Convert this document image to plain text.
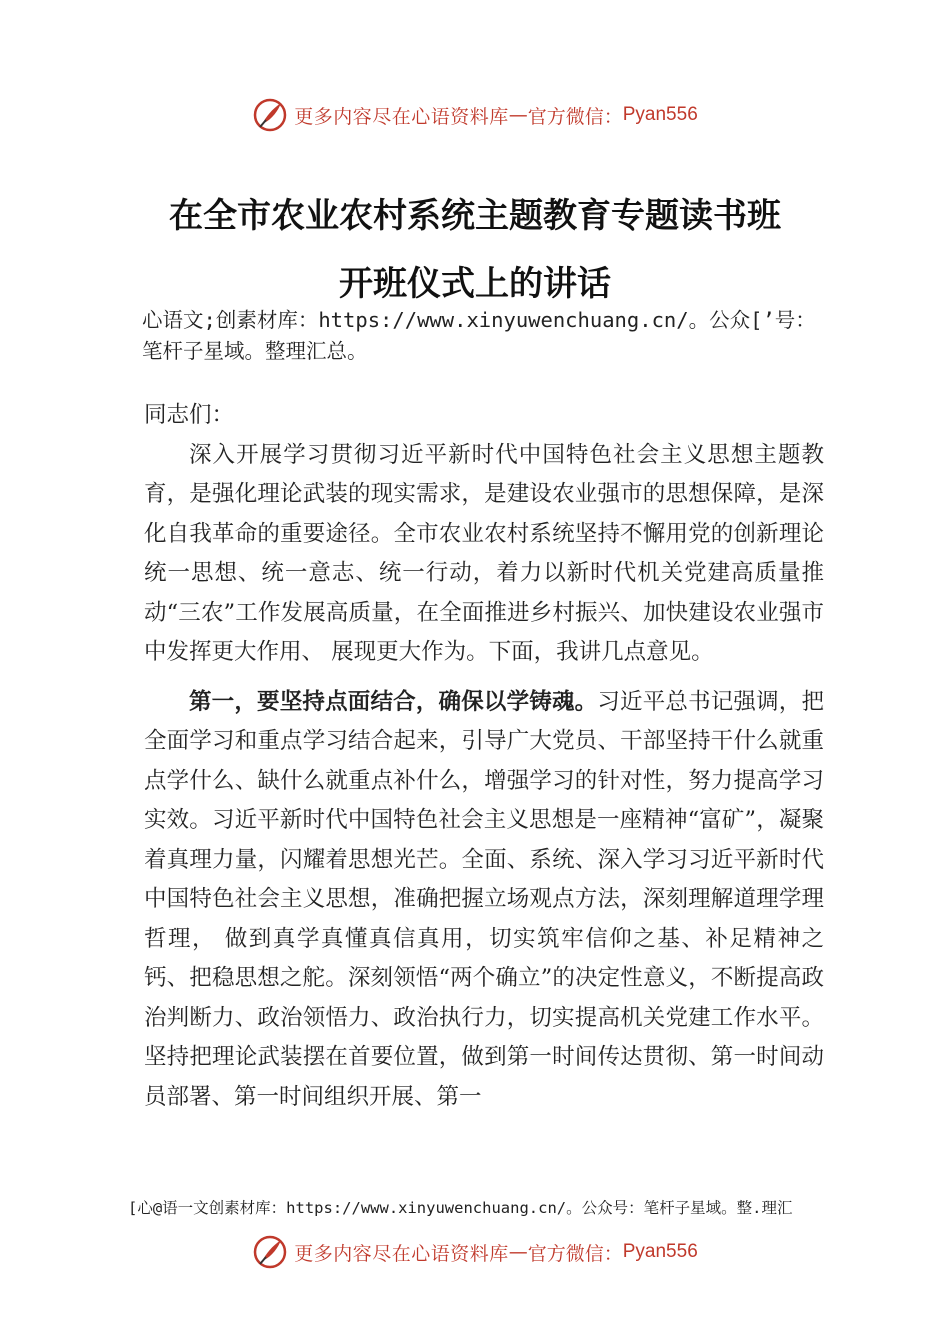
更多内容尽在心语资料库 — 官方微信： Pyan556
在全市农业农村系统主题教育专题读书班
开班仪式上的讲话
心语文;创素材库：https://www.xinyuwenchuang.cn/。公众[’号：笔杆子星域。整理汇总。

同志们：

深入开展学习贯彻习近平新时代中国特色社会主义思想主题教育，是强化理论武装的现实需求，是建设农业强市的思想保障，是深化自我革命的重要途径。全市农业农村系统坚持不懈用党的创新理论统一思想、统一意志、统一行动，着力以新时代机关党建高质量推动“三农”工作发展高质量，在全面推进乡村振兴、加快建设农业强市中发挥更大作用、 展现更大作为。下面，我讲几点意见。

第一，要坚持点面结合，确保以学铸魂。习近平总书记强调，把全面学习和重点学习结合起来，引导广大党员、干部坚持干什么就重点学什么、缺什么就重点补什么，增强学习的针对性，努力提高学习实效。习近平新时代中国特色社会主义思想是一座精神“富矿”，凝聚着真理力量，闪耀着思想光芒。全面、系统、深入学习习近平新时代中国特色社会主义思想，准确把握立场观点方法，深刻理解道理学理哲理， 做到真学真懂真信真用，切实筑牢信仰之基、补足精神之钙、把稳思想之舵。深刻领悟“两个确立”的决定性意义，不断提高政治判断力、政治领悟力、政治执行力，切实提高机关党建工作水平。坚持把理论武装摆在首要位置，做到第一时间传达贯彻、第一时间动员部署、第一时间组织开展、第一

[心@语一文创素材库：https://www.xinyuwenchuang.cn/。公众号：笔杆子星域。整.理汇
更多内容尽在心语资料库 — 官方微信： Pyan556
